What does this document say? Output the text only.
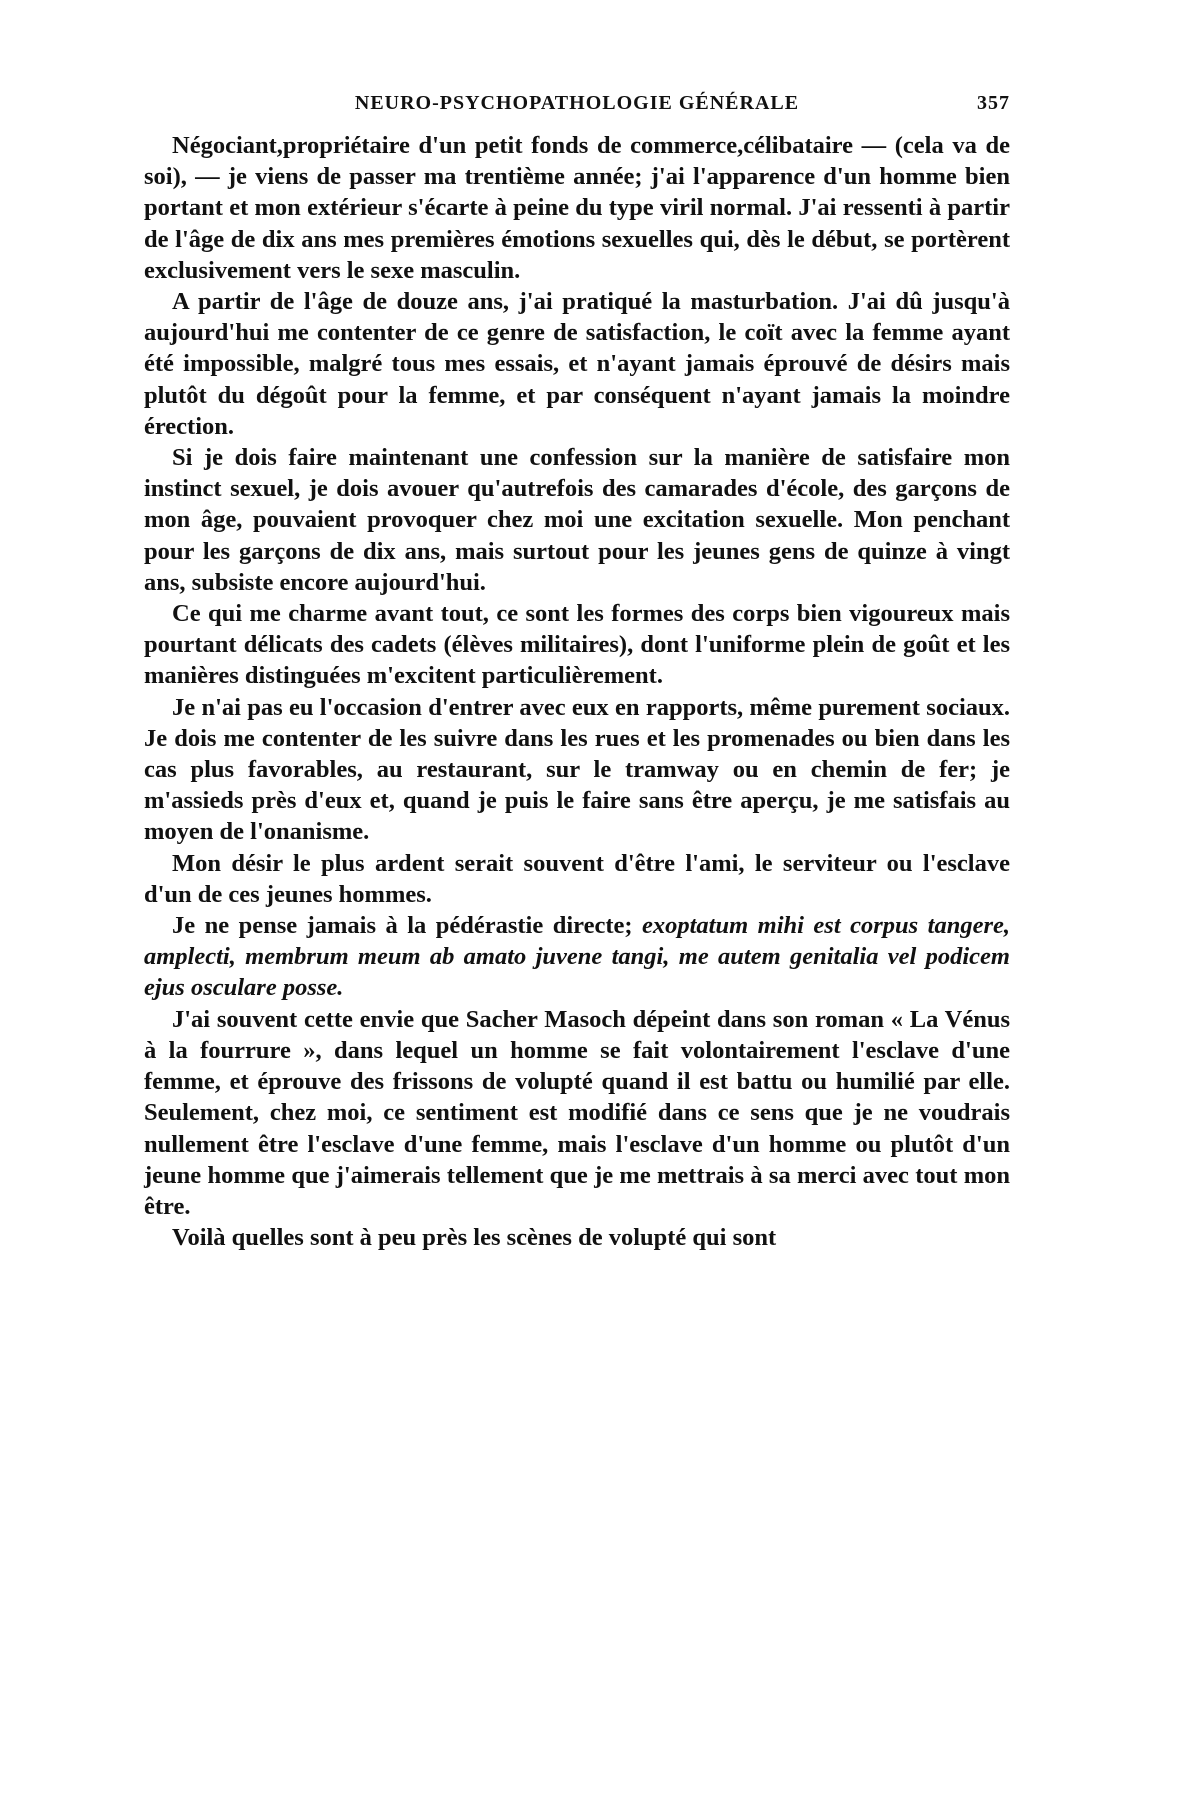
NEURO-PSYCHOPATHOLOGIE GÉNÉRALE	357

Négociant,propriétaire d'un petit fonds de commerce,célibataire — (cela va de soi), — je viens de passer ma trentième année; j'ai l'apparence d'un homme bien portant et mon extérieur s'écarte à peine du type viril normal. J'ai ressenti à partir de l'âge de dix ans mes premières émotions sexuelles qui, dès le début, se portèrent exclusivement vers le sexe masculin.

A partir de l'âge de douze ans, j'ai pratiqué la masturbation. J'ai dû jusqu'à aujourd'hui me contenter de ce genre de satisfaction, le coït avec la femme ayant été impossible, malgré tous mes essais, et n'ayant jamais éprouvé de désirs mais plutôt du dégoût pour la femme, et par conséquent n'ayant jamais la moindre érection.

Si je dois faire maintenant une confession sur la manière de satisfaire mon instinct sexuel, je dois avouer qu'autrefois des camarades d'école, des garçons de mon âge, pouvaient provoquer chez moi une excitation sexuelle. Mon penchant pour les garçons de dix ans, mais surtout pour les jeunes gens de quinze à vingt ans, subsiste encore aujourd'hui.

Ce qui me charme avant tout, ce sont les formes des corps bien vigoureux mais pourtant délicats des cadets (élèves militaires), dont l'uniforme plein de goût et les manières distinguées m'excitent particulièrement.

Je n'ai pas eu l'occasion d'entrer avec eux en rapports, même purement sociaux. Je dois me contenter de les suivre dans les rues et les promenades ou bien dans les cas plus favorables, au restaurant, sur le tramway ou en chemin de fer; je m'assieds près d'eux et, quand je puis le faire sans être aperçu, je me satisfais au moyen de l'onanisme.

Mon désir le plus ardent serait souvent d'être l'ami, le serviteur ou l'esclave d'un de ces jeunes hommes.

Je ne pense jamais à la pédérastie directe; exoptatum mihi est corpus tangere, amplecti, membrum meum ab amato juvene tangi, me autem genitalia vel podicem ejus osculare posse.

J'ai souvent cette envie que Sacher Masoch dépeint dans son roman « La Vénus à la fourrure », dans lequel un homme se fait volontairement l'esclave d'une femme, et éprouve des frissons de volupté quand il est battu ou humilié par elle. Seulement, chez moi, ce sentiment est modifié dans ce sens que je ne voudrais nullement être l'esclave d'une femme, mais l'esclave d'un homme ou plutôt d'un jeune homme que j'aimerais tellement que je me mettrais à sa merci avec tout mon être.

Voilà quelles sont à peu près les scènes de volupté qui sont
